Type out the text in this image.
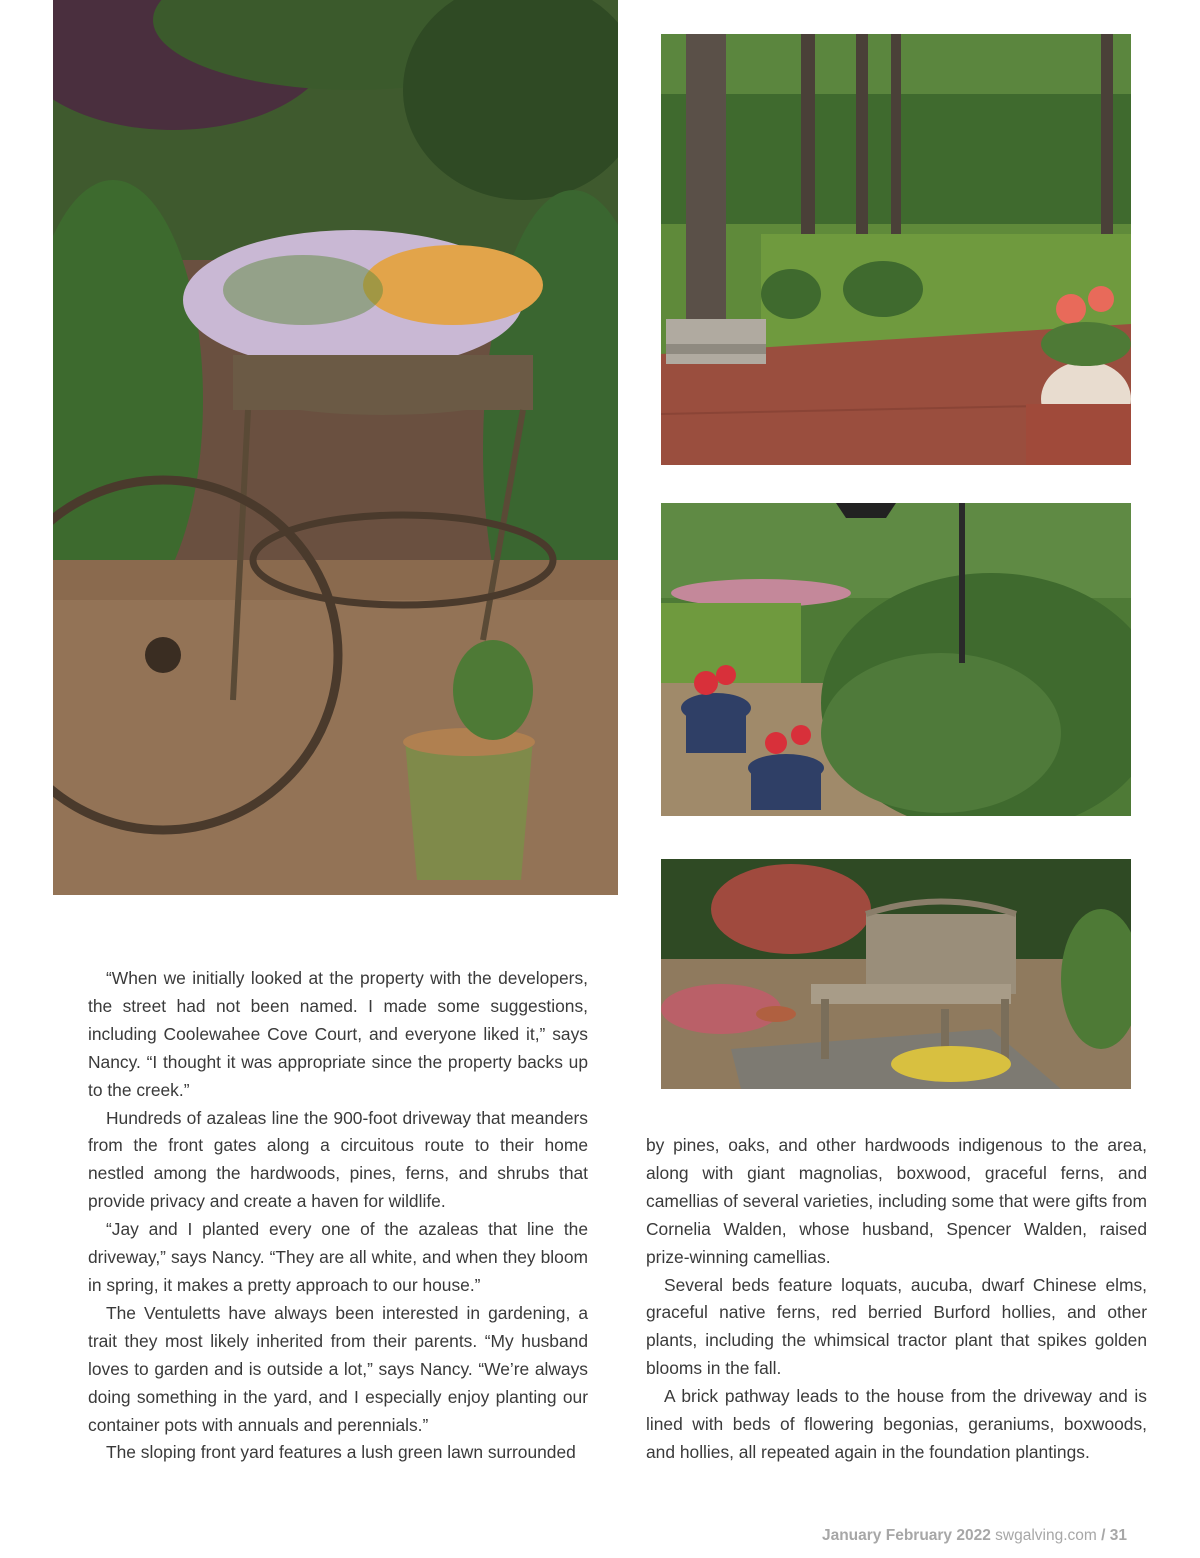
“When we initially looked at the property with the developers, the street had not been named. I made some suggestions, including Coolewahee Cove Court, and everyone liked it,” says Nancy. “I thought it was appropriate since the property backs up to the creek.”

Hundreds of azaleas line the 900-foot driveway that meanders from the front gates along a circuitous route to their home nestled among the hardwoods, pines, ferns, and shrubs that provide privacy and create a haven for wildlife.

“Jay and I planted every one of the azaleas that line the driveway,” says Nancy. “They are all white, and when they bloom in spring, it makes a pretty approach to our house.”

The Ventuletts have always been interested in gardening, a trait they most likely inherited from their parents. “My husband loves to garden and is outside a lot,” says Nancy. “We’re always doing something in the yard, and I especially enjoy planting our container pots with annuals and perennials.”

The sloping front yard features a lush green lawn surrounded

by pines, oaks, and other hardwoods indigenous to the area, along with giant magnolias, boxwood, graceful ferns, and camellias of several varieties, including some that were gifts from Cornelia Walden, whose husband, Spencer Walden, raised prize-winning camellias.

Several beds feature loquats, aucuba, dwarf Chinese elms, graceful native ferns, red berried Burford hollies, and other plants, including the whimsical tractor plant that spikes golden blooms in the fall.

A brick pathway leads to the house from the driveway and is lined with beds of flowering begonias, geraniums, boxwoods, and hollies, all repeated again in the foundation plantings.

January February 2022 swgalving.com / 31
